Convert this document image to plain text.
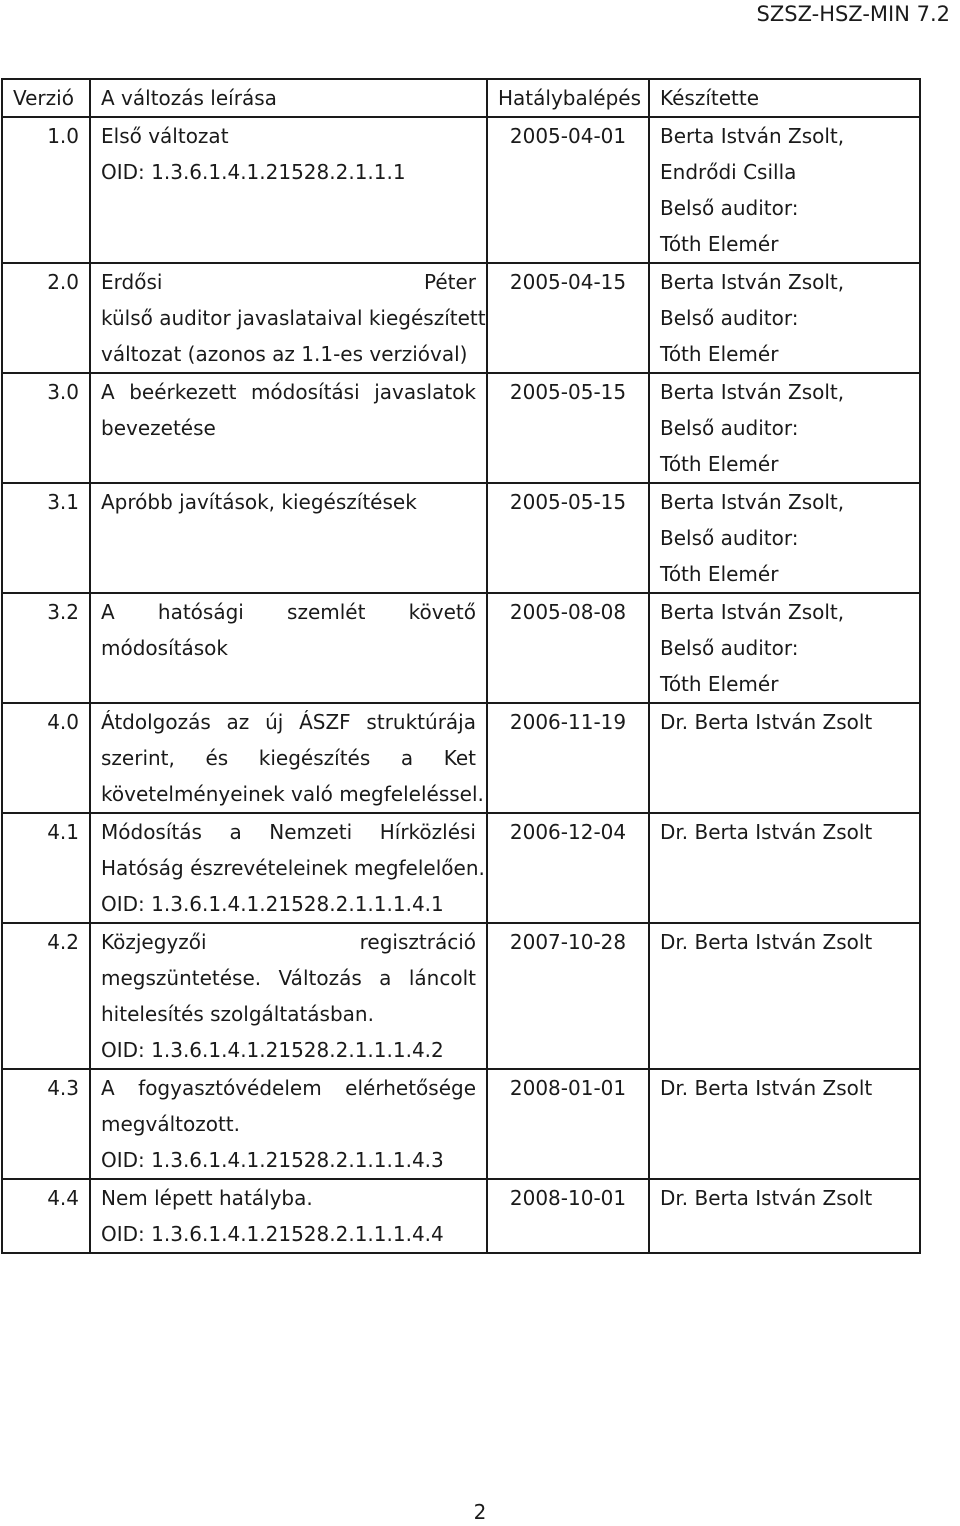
SZSZ-HSZ-MIN 7.2
Verzió	A változás leírása	Hatálybalépés	Készítette
1.0	Első változat
OID: 1.3.6.1.4.1.21528.2.1.1.1	2005-04-01	Berta István Zsolt,
Endrődi Csilla
Belső auditor:
Tóth Elemér

2.0	Erdősi Péter
külső auditor javaslataival kiegészített
változat (azonos az 1.1-es verzióval)	2005-04-15	Berta István Zsolt,
Belső auditor:
Tóth Elemér

3.0	A beérkezett módosítási javaslatok
bevezetése	2005-05-15	Berta István Zsolt,
Belső auditor:
Tóth Elemér

3.1	Apróbb javítások, kiegészítések	2005-05-15	Berta István Zsolt,
Belső auditor:
Tóth Elemér

3.2	A hatósági szemlét követő
módosítások	2005-08-08	Berta István Zsolt,
Belső auditor:
Tóth Elemér

4.0	Átdolgozás az új ÁSZF struktúrája
szerint, és kiegészítés a Ket
követelményeinek való megfeleléssel.	2006-11-19	Dr. Berta István Zsolt

4.1	Módosítás a Nemzeti Hírközlési
Hatóság észrevételeinek megfelelően.
OID: 1.3.6.1.4.1.21528.2.1.1.1.4.1	2006-12-04	Dr. Berta István Zsolt

4.2	Közjegyzői regisztráció
megszüntetése. Változás a láncolt
hitelesítés szolgáltatásban.
OID: 1.3.6.1.4.1.21528.2.1.1.1.4.2	2007-10-28	Dr. Berta István Zsolt

4.3	A fogyasztóvédelem elérhetősége
megváltozott.
OID: 1.3.6.1.4.1.21528.2.1.1.1.4.3	2008-01-01	Dr. Berta István Zsolt

4.4	Nem lépett hatályba.
OID: 1.3.6.1.4.1.21528.2.1.1.1.4.4	2008-10-01	Dr. Berta István Zsolt
2
